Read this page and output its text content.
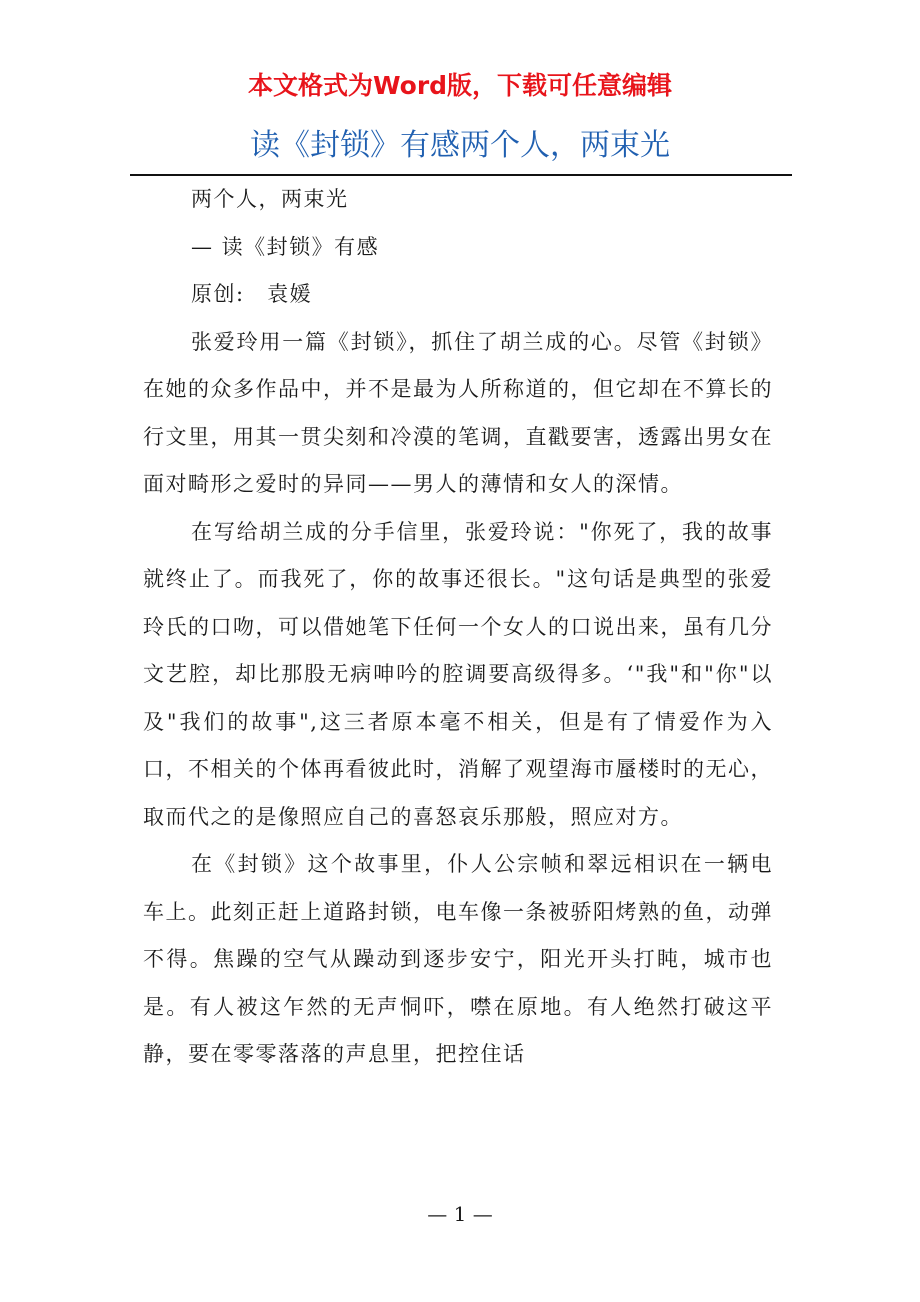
本文格式为Word版，下载可任意编辑
读《封锁》有感两个人，两束光

两个人，两束光

— 读《封锁》有感

原创:　袁媛

张爱玲用一篇《封锁》，抓住了胡兰成的心。尽管《封锁》在她的众多作品中，并不是最为人所称道的，但它却在不算长的行文里，用其一贯尖刻和冷漠的笔调，直戳要害，透露出男女在面对畸形之爱时的异同——男人的薄情和女人的深情。

在写给胡兰成的分手信里，张爱玲说："你死了，我的故事就终止了。而我死了，你的故事还很长。"这句话是典型的张爱玲氏的口吻，可以借她笔下任何一个女人的口说出来，虽有几分文艺腔，却比那股无病呻吟的腔调要高级得多。‘"我"和"你"以及"我们的故事",这三者原本毫不相关，但是有了情爱作为入口，不相关的个体再看彼此时，消解了观望海市蜃楼时的无心，取而代之的是像照应自己的喜怒哀乐那般，照应对方。

在《封锁》这个故事里，仆人公宗帧和翠远相识在一辆电车上。此刻正赶上道路封锁，电车像一条被骄阳烤熟的鱼，动弹不得。焦躁的空气从躁动到逐步安宁，阳光开头打盹，城市也是。有人被这乍然的无声恫吓，噤在原地。有人绝然打破这平静，要在零零落落的声息里，把控住话

— 1 —
